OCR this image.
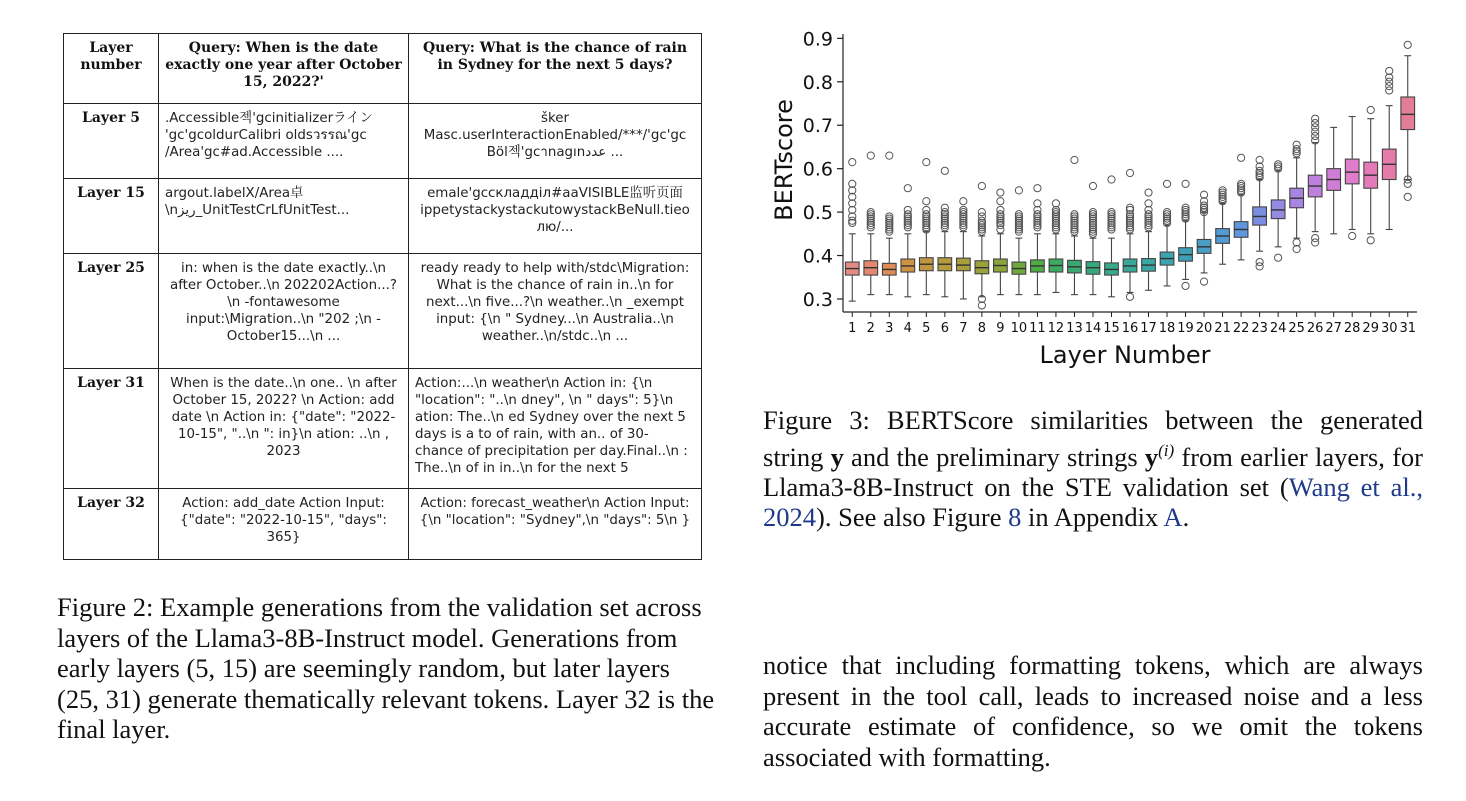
Layer number	Query: When is the date exactly one year after October 15, 2022?'	Query: What is the chance of rain in Sydney for the next 5 days?
Layer 5	.Accessible젝'gcinitializerライン 'gc'gcoldurCalibri oldsวรรณ'gc /Area'gc#ad.Accessible ....	šker Masc.userInteractionEnabled/***/'gc'gc Böl젝'gcาnagınعدد ...
Layer 15	argout.labelX/Area卓 \nریز_UnitTestCrLfUnitTest...	emale'gccкладдiл#aaVISIBLE监听页面 ippetystackystackutowystackBeNull.tieo лю/...
Layer 25	in: when is the date exactly..\n after October..\n 202202Action...?\n -fontawesome input:\Migration..\n "202 ;\n -October15...\n ...	ready ready to help with/stdc\Migration: What is the chance of rain in..\n for next...\n five...?\n weather..\n _exempt input: {\n " Sydney...\n Australia..\n weather..\n/stdc..\n ...
Layer 31	When is the date..\n one.. \n after October 15, 2022? \n Action: add date \n Action in: {"date": "2022-10-15", "..\n ": in}\n ation: ..\n , 2023	Action:...\n weather\n Action in: {\n "location": "..\n dney", \n " days": 5}\n ation: The..\n ed Sydney over the next 5 days is a to of rain, with an.. of 30- chance of precipitation per day.Final..\n : The..\n of in in..\n for the next 5
Layer 32	Action: add_date Action Input: {"date": "2022-10-15", "days": 365}	Action: forecast_weather\n Action Input: {\n "location": "Sydney",\n "days": 5\n }

Figure 2: Example generations from the validation set across layers of the Llama3-8B-Instruct model. Generations from early layers (5, 15) are seemingly random, but later layers (25, 31) generate thematically relevant tokens. Layer 32 is the final layer.

0.3
0.4
0.5
0.6
0.7
0.8
0.9
1 2 3 4 5 6 7 8 9 10 11 12 13 14 15 16 17 18 19 20 21 22 23 24 25 26 27 28 29 30 31
BERTscore
Layer Number

Figure 3: BERTScore similarities between the generated string y and the preliminary strings $y^{(i)}$ from earlier layers, for Llama3-8B-Instruct on the STE validation set (Wang et al., 2024). See also Figure 8 in Appendix A.

notice that including formatting tokens, which are always present in the tool call, leads to increased noise and a less accurate estimate of confidence, so we omit the tokens associated with formatting.
